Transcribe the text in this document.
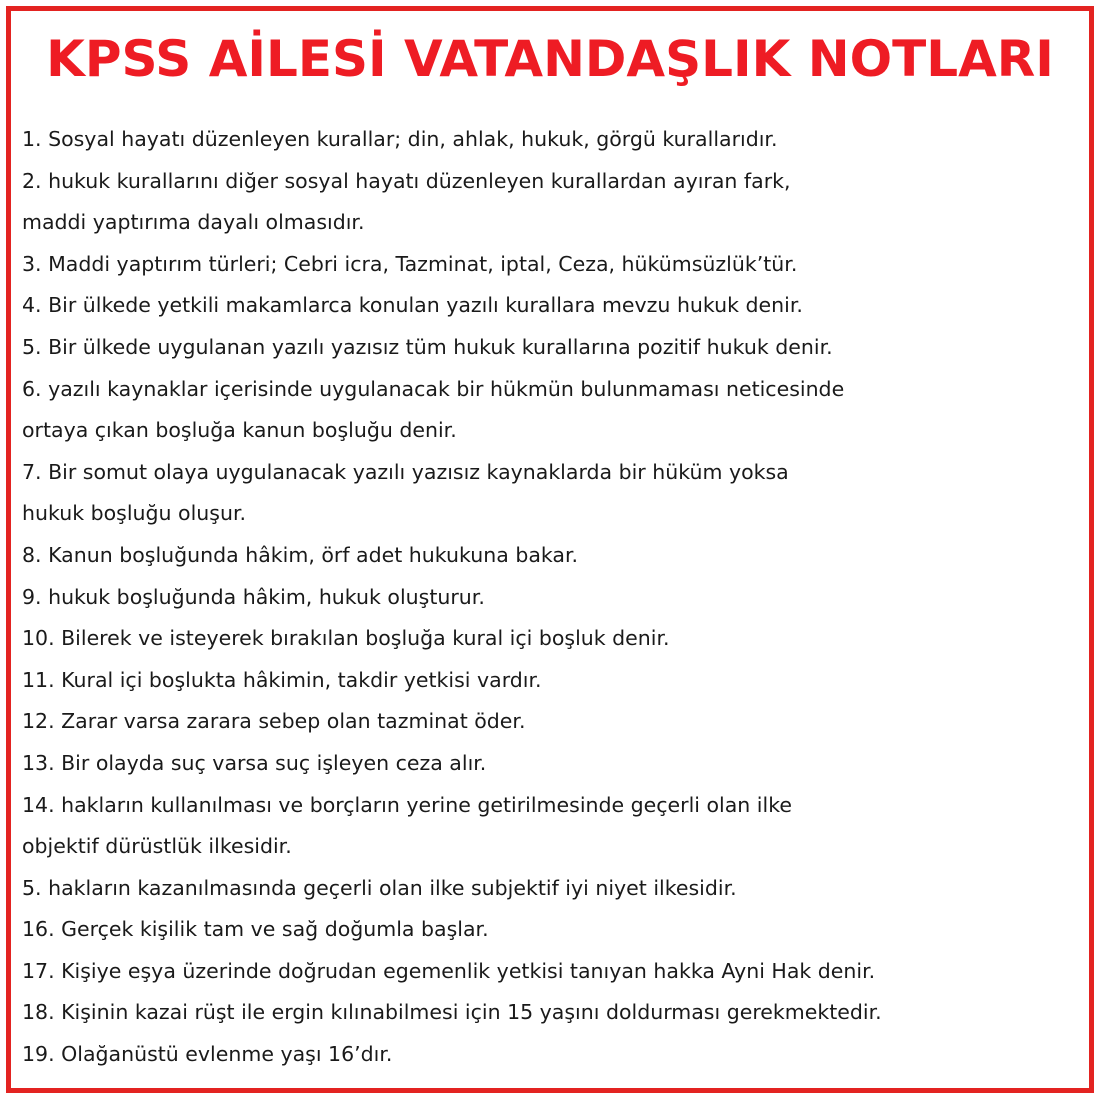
KPSS AİLESİ VATANDAŞLIK NOTLARI
1. Sosyal hayatı düzenleyen kurallar; din, ahlak, hukuk, görgü kurallarıdır.
2. hukuk kurallarını diğer sosyal hayatı düzenleyen kurallardan ayıran fark,
maddi yaptırıma dayalı olmasıdır.
3. Maddi yaptırım türleri; Cebri icra, Tazminat, iptal, Ceza, hükümsüzlük’tür.
4. Bir ülkede yetkili makamlarca konulan yazılı kurallara mevzu hukuk denir.
5. Bir ülkede uygulanan yazılı yazısız tüm hukuk kurallarına pozitif hukuk denir.
6. yazılı kaynaklar içerisinde uygulanacak bir hükmün bulunmaması neticesinde
ortaya çıkan boşluğa kanun boşluğu denir.
7. Bir somut olaya uygulanacak yazılı yazısız kaynaklarda bir hüküm yoksa
hukuk boşluğu oluşur.
8. Kanun boşluğunda hâkim, örf adet hukukuna bakar.
9. hukuk boşluğunda hâkim, hukuk oluşturur.
10. Bilerek ve isteyerek bırakılan boşluğa kural içi boşluk denir.
11. Kural içi boşlukta hâkimin, takdir yetkisi vardır.
12. Zarar varsa zarara sebep olan tazminat öder.
13. Bir olayda suç varsa suç işleyen ceza alır.
14. hakların kullanılması ve borçların yerine getirilmesinde geçerli olan ilke
objektif dürüstlük ilkesidir.
5. hakların kazanılmasında geçerli olan ilke subjektif iyi niyet ilkesidir.
16. Gerçek kişilik tam ve sağ doğumla başlar.
17. Kişiye eşya üzerinde doğrudan egemenlik yetkisi tanıyan hakka Ayni Hak denir.
18. Kişinin kazai rüşt ile ergin kılınabilmesi için 15 yaşını doldurması gerekmektedir.
19. Olağanüstü evlenme yaşı 16’dır.
